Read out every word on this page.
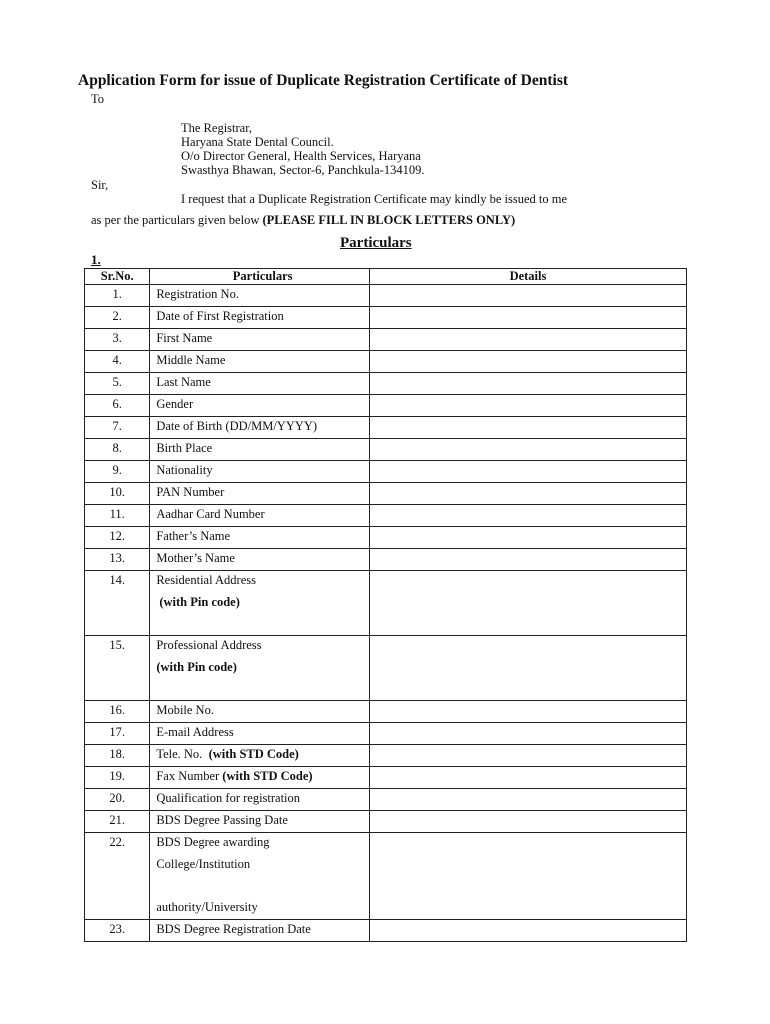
Application Form for issue of Duplicate Registration Certificate of Dentist
To
The Registrar,
Haryana State Dental Council.
O/o Director General, Health Services, Haryana
Swasthya Bhawan, Sector-6, Panchkula-134109.
Sir,
I request that a Duplicate Registration Certificate may kindly be issued to me
as per the particulars given below (PLEASE FILL IN BLOCK LETTERS ONLY)
Particulars
1.
Sr.No.	Particulars	Details
1.	Registration No.	
2.	Date of First Registration	
3.	First Name	
4.	Middle Name	
5.	Last Name	
6.	Gender	
7.	Date of Birth (DD/MM/YYYY)	
8.	Birth Place	
9.	Nationality	
10.	PAN Number	
11.	Aadhar Card Number	
12.	Father’s Name	
13.	Mother’s Name	
14.	Residential Address
(with Pin code)	

15.	Professional Address
(with Pin code)	

16.	Mobile No.	
17.	E-mail Address	
18.	Tele. No. (with STD Code)	
19.	Fax Number (with STD Code)	
20.	Qualification for registration	
21.	BDS Degree Passing Date	
22.	BDS Degree awarding
College/Institution
authority/University	

23.	BDS Degree Registration Date	
